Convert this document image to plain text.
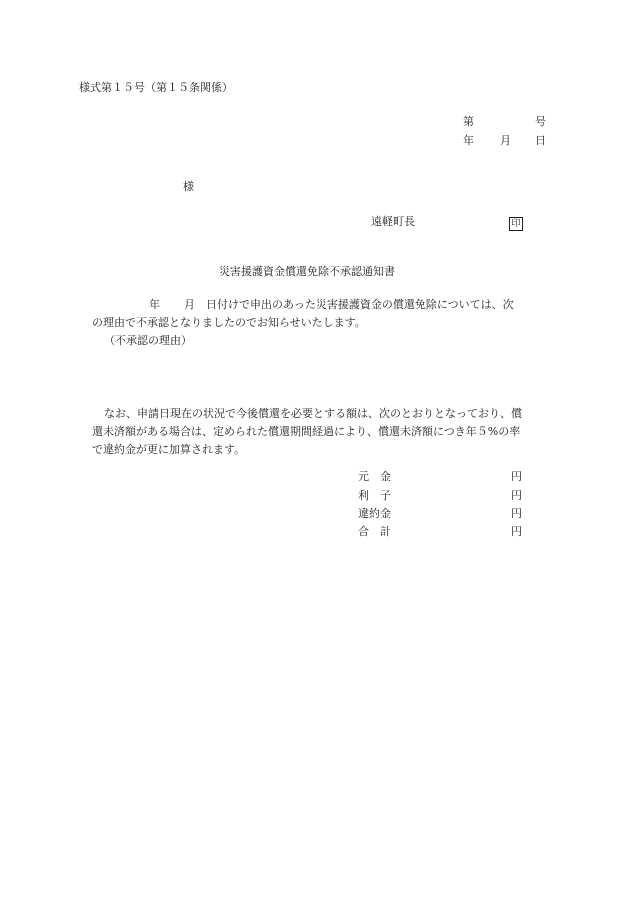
様式第１５号（第１５条関係）
第	号
年 月 日
様
遠軽町長	印
災害援護資金償還免除不承認通知書
年 月 日付けで申出のあった災害援護資金の償還免除については、次
の理由で不承認となりましたのでお知らせいたします。
（不承認の理由）
なお、申請日現在の状況で今後償還を必要とする額は、次のとおりとなっており、償
還未済額がある場合は、定められた償還期間経過により、償還未済額につき年５%の率
で違約金が更に加算されます。
元　金	円
利　子	円
違約金	円
合　計	円
